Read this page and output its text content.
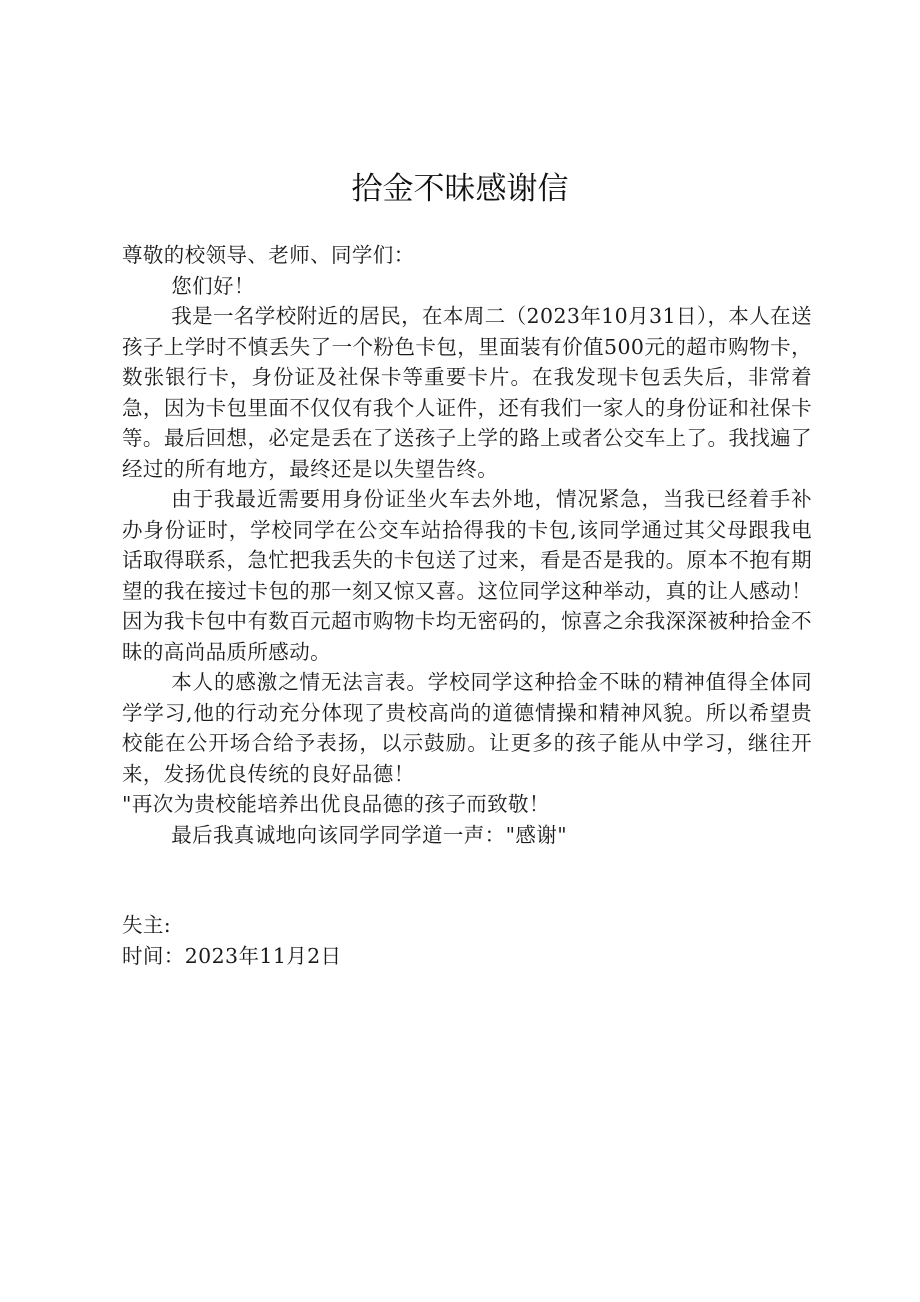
拾金不昧感谢信

尊敬的校领导、老师、同学们：

您们好！

我是一名学校附近的居民，在本周二（2023年10月31日），本人在送孩子上学时不慎丢失了一个粉色卡包，里面装有价值500元的超市购物卡，数张银行卡，身份证及社保卡等重要卡片。在我发现卡包丢失后，非常着急，因为卡包里面不仅仅有我个人证件，还有我们一家人的身份证和社保卡等。最后回想，必定是丢在了送孩子上学的路上或者公交车上了。我找遍了经过的所有地方，最终还是以失望告终。

由于我最近需要用身份证坐火车去外地，情况紧急，当我已经着手补办身份证时，学校同学在公交车站拾得我的卡包,该同学通过其父母跟我电话取得联系，急忙把我丢失的卡包送了过来，看是否是我的。原本不抱有期望的我在接过卡包的那一刻又惊又喜。这位同学这种举动，真的让人感动！因为我卡包中有数百元超市购物卡均无密码的，惊喜之余我深深被种拾金不昧的高尚品质所感动。

本人的感激之情无法言表。学校同学这种拾金不昧的精神值得全体同学学习,他的行动充分体现了贵校高尚的道德情操和精神风貌。所以希望贵校能在公开场合给予表扬，以示鼓励。让更多的孩子能从中学习，继往开来，发扬优良传统的良好品德！

"再次为贵校能培养出优良品德的孩子而致敬！

最后我真诚地向该同学同学道一声："感谢"

失主:

时间：2023年11月2日
